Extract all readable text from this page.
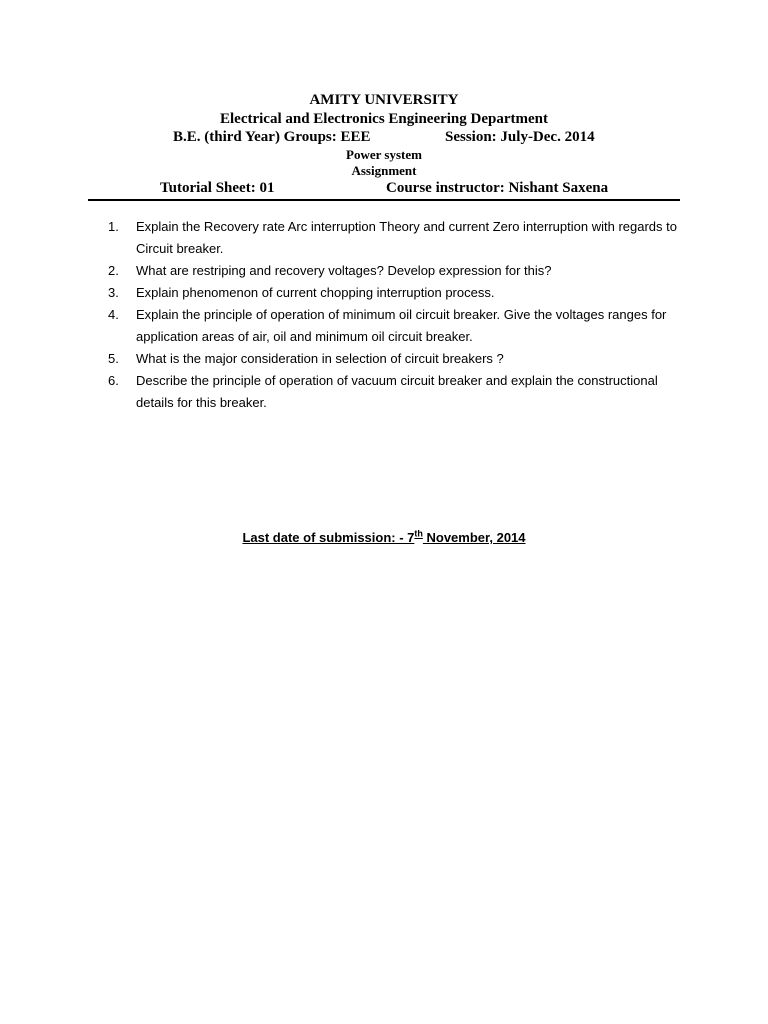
AMITY UNIVERSITY
Electrical and Electronics Engineering Department
B.E. (third Year) Groups: EEE	Session: July-Dec. 2014
Power system
Assignment
Tutorial Sheet: 01	Course instructor: Nishant Saxena
1. Explain the Recovery rate Arc interruption Theory and current Zero interruption with regards to Circuit breaker.
2. What are restriping and recovery voltages? Develop expression for this?
3. Explain phenomenon of current chopping interruption process.
4. Explain the principle of operation of minimum oil circuit breaker. Give the voltages ranges for application areas of air, oil and minimum oil circuit breaker.
5. What is the major consideration in selection of circuit breakers ?
6. Describe the principle of operation of vacuum circuit breaker and explain the constructional details for this breaker.
Last date of submission: - 7th November, 2014
